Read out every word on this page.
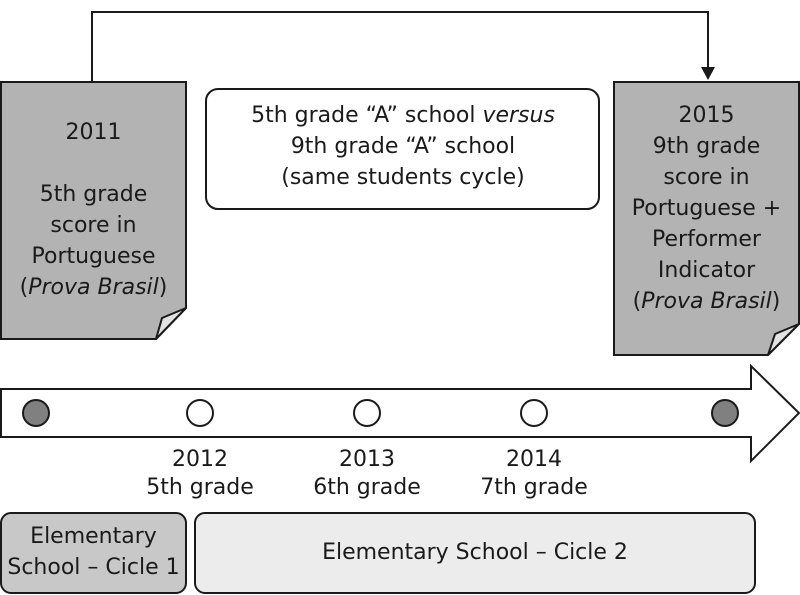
2011
5th grade
score in
Portuguese
(Prova Brasil)
5th grade “A” school versus
9th grade “A” school
(same students cycle)
2015
9th grade
score in
Portuguese +
Performer
Indicator
(Prova Brasil)
2012
5th grade
2013
6th grade
2014
7th grade
Elementary
School – Cicle 1
Elementary School – Cicle 2
